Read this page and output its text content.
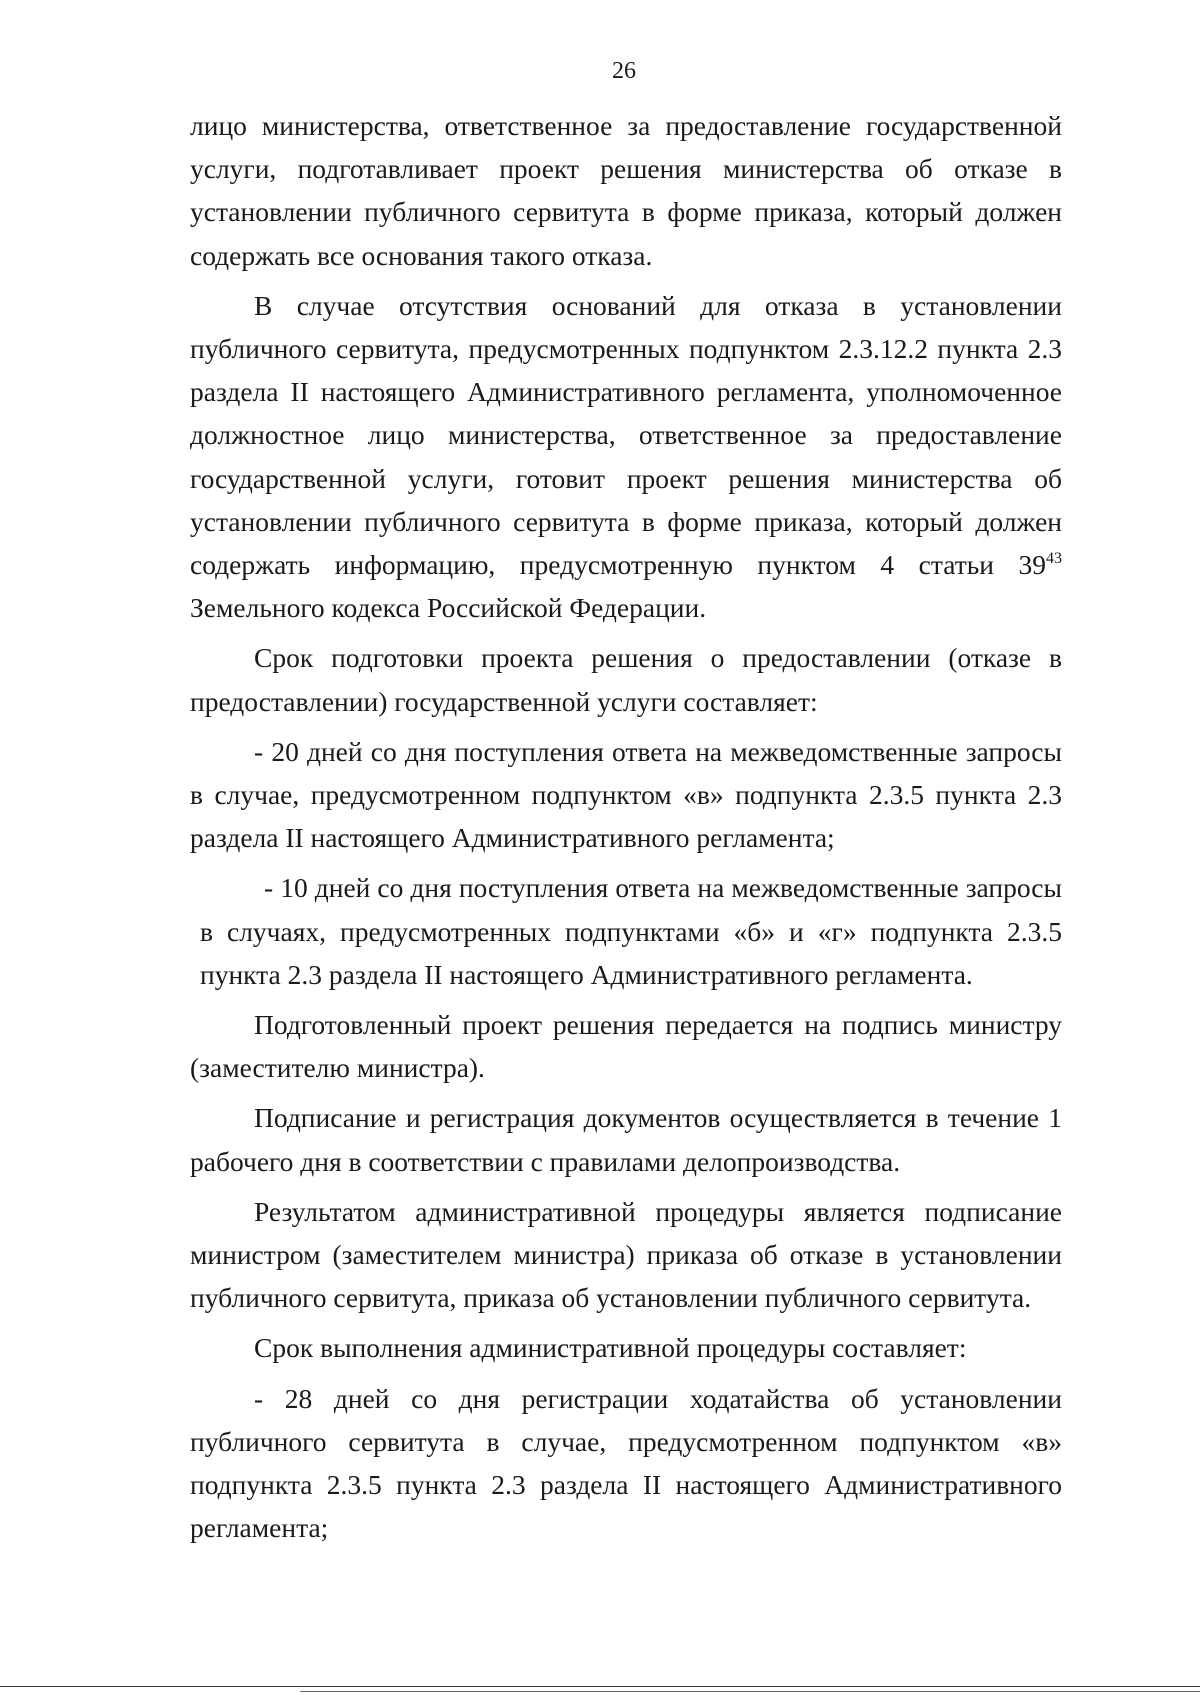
26

лицо министерства, ответственное за предоставление государственной услуги, подготавливает проект решения министерства об отказе в установлении публичного сервитута в форме приказа, который должен содержать все основания такого отказа.

В случае отсутствия оснований для отказа в установлении публичного сервитута, предусмотренных подпунктом 2.3.12.2 пункта 2.3 раздела II настоящего Административного регламента, уполномоченное должностное лицо министерства, ответственное за предоставление государственной услуги, готовит проект решения министерства об установлении публичного сервитута в форме приказа, который должен содержать информацию, предусмотренную пунктом 4 статьи $39^{43}$ Земельного кодекса Российской Федерации.

Срок подготовки проекта решения о предоставлении (отказе в предоставлении) государственной услуги составляет:

- 20 дней со дня поступления ответа на межведомственные запросы в случае, предусмотренном подпунктом «в» подпункта 2.3.5 пункта 2.3 раздела II настоящего Административного регламента;

- 10 дней со дня поступления ответа на межведомственные запросы в случаях, предусмотренных подпунктами «б» и «г» подпункта 2.3.5 пункта 2.3 раздела II настоящего Административного регламента.

Подготовленный проект решения передается на подпись министру (заместителю министра).

Подписание и регистрация документов осуществляется в течение 1 рабочего дня в соответствии с правилами делопроизводства.

Результатом административной процедуры является подписание министром (заместителем министра) приказа об отказе в установлении публичного сервитута, приказа об установлении публичного сервитута.

Срок выполнения административной процедуры составляет:

- 28 дней со дня регистрации ходатайства об установлении публичного сервитута в случае, предусмотренном подпунктом «в» подпункта 2.3.5 пункта 2.3 раздела II настоящего Административного регламента;
